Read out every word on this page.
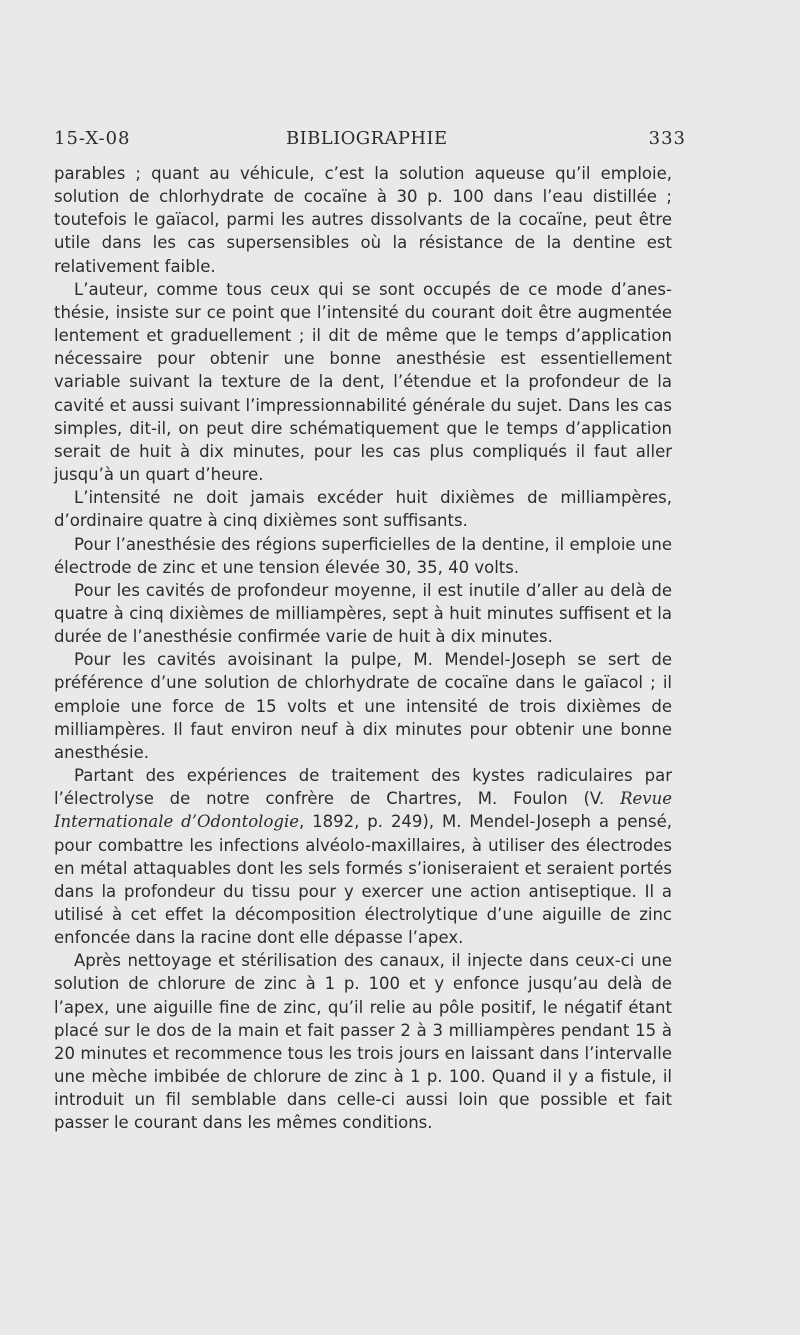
15-X-08	BIBLIOGRAPHIE	333

parables ; quant au véhicule, c’est la solution aqueuse qu’il emploie, solution de chlorhydrate de cocaïne à 30 p. 100 dans l’eau distillée ; toutefois le gaïacol, parmi les autres dissolvants de la cocaïne, peut être utile dans les cas supersensibles où la résistance de la dentine est relativement faible.

L’auteur, comme tous ceux qui se sont occupés de ce mode d’anesthésie, insiste sur ce point que l’intensité du courant doit être augmentée lentement et graduellement ; il dit de même que le temps d’application nécessaire pour obtenir une bonne anesthésie est essentiellement variable suivant la texture de la dent, l’étendue et la profondeur de la cavité et aussi suivant l’impressionnabilité générale du sujet. Dans les cas simples, dit-il, on peut dire schématiquement que le temps d’application serait de huit à dix minutes, pour les cas plus compliqués il faut aller jusqu’à un quart d’heure.

L’intensité ne doit jamais excéder huit dixièmes de milliampères, d’ordinaire quatre à cinq dixièmes sont suffisants.

Pour l’anesthésie des régions superficielles de la dentine, il emploie une électrode de zinc et une tension élevée 30, 35, 40 volts.

Pour les cavités de profondeur moyenne, il est inutile d’aller au delà de quatre à cinq dixièmes de milliampères, sept à huit minutes suffisent et la durée de l’anesthésie confirmée varie de huit à dix minutes.

Pour les cavités avoisinant la pulpe, M. Mendel-Joseph se sert de préférence d’une solution de chlorhydrate de cocaïne dans le gaïacol ; il emploie une force de 15 volts et une intensité de trois dixièmes de milliampères. Il faut environ neuf à dix minutes pour obtenir une bonne anesthésie.

Partant des expériences de traitement des kystes radiculaires par l’électrolyse de notre confrère de Chartres, M. Foulon (V. Revue Internationale d’Odontologie, 1892, p. 249), M. Mendel-Joseph a pensé, pour combattre les infections alvéolo-maxillaires, à utiliser des électrodes en métal attaquables dont les sels formés s’ioniseraient et seraient portés dans la profondeur du tissu pour y exercer une action antiseptique. Il a utilisé à cet effet la décomposition électrolytique d’une aiguille de zinc enfoncée dans la racine dont elle dépasse l’apex.

Après nettoyage et stérilisation des canaux, il injecte dans ceux-ci une solution de chlorure de zinc à 1 p. 100 et y enfonce jusqu’au delà de l’apex, une aiguille fine de zinc, qu’il relie au pôle positif, le négatif étant placé sur le dos de la main et fait passer 2 à 3 milliampères pendant 15 à 20 minutes et recommence tous les trois jours en laissant dans l’intervalle une mèche imbibée de chlorure de zinc à 1 p. 100. Quand il y a fistule, il introduit un fil semblable dans celle-ci aussi loin que possible et fait passer le courant dans les mêmes conditions.
